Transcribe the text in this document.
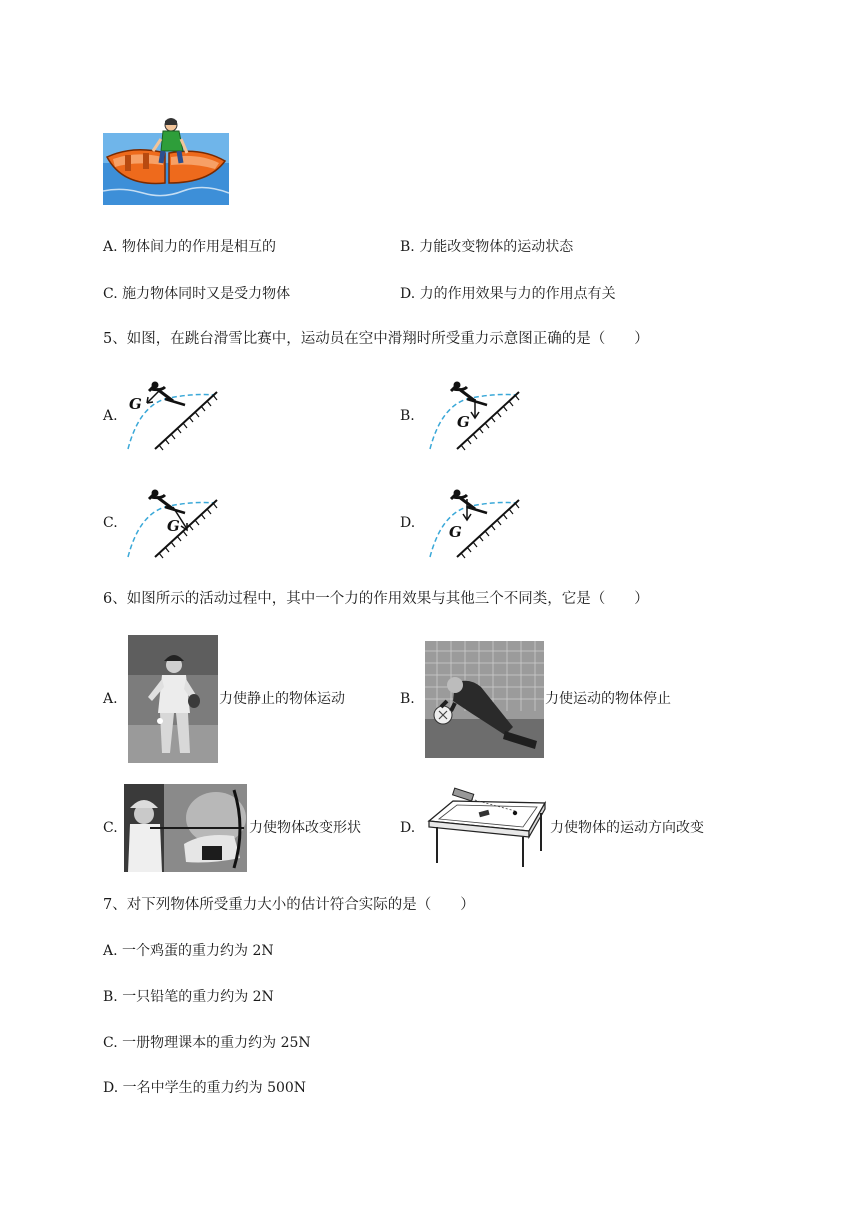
A. 物体间力的作用是相互的	B. 力能改变物体的运动状态
C. 施力物体同时又是受力物体	D. 力的作用效果与力的作用点有关
5、如图，在跳台滑雪比赛中，运动员在空中滑翔时所受重力示意图正确的是（　　）
A.
G
B.	G
C.	G	D. G
6、如图所示的活动过程中，其中一个力的作用效果与其他三个不同类，它是（　　）
A.	力使静止的物体运动	B.	力使运动的物体停止
C.	力使物体改变形状	D.	力使物体的运动方向改变
7、对下列物体所受重力大小的估计符合实际的是（　　）
A. 一个鸡蛋的重力约为 2N
B. 一只铅笔的重力约为 2N
C. 一册物理课本的重力约为 25N
D. 一名中学生的重力约为 500N
